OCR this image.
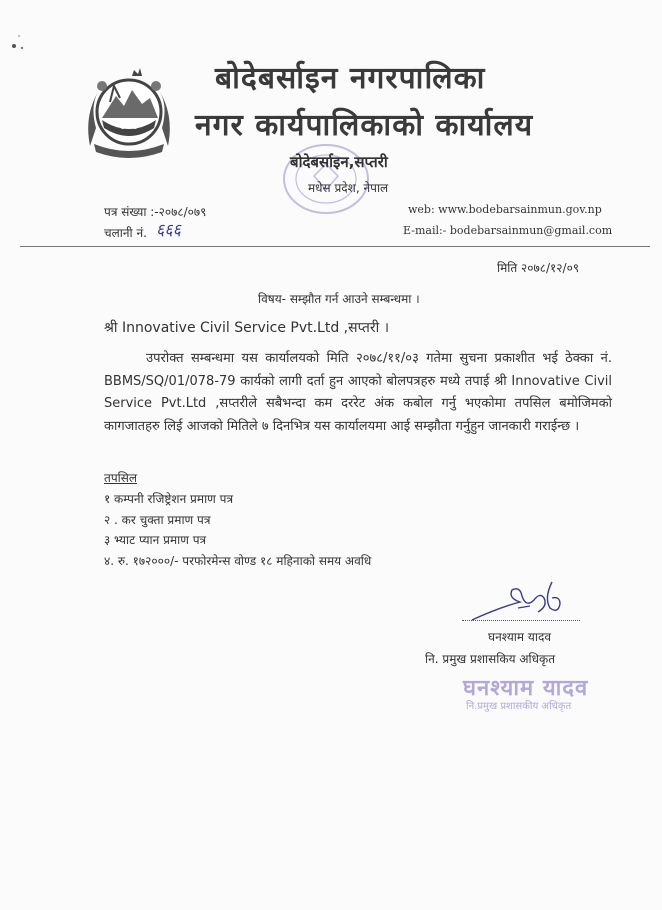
बोदेबर्साइन नगरपालिका
नगर कार्यपालिकाको कार्यालय
बोदेबर्साइन,सप्तरी
मधेस प्रदेश, नेपाल
पत्र संख्या :-२०७८/०७९
चलानी नं. ६६६
web: www.bodebarsainmun.gov.np
E-mail:- bodebarsainmun@gmail.com
मिति २०७८/१२/०९
विषय- सम्झौत गर्न आउने सम्बन्धमा ।
श्री Innovative Civil Service Pvt.Ltd ,सप्तरी ।

उपरोक्त सम्बन्धमा यस कार्यालयको मिति २०७८/११/०३ गतेमा सुचना प्रकाशीत भई ठेक्का नं. BBMS/SQ/01/078-79 कार्यको लागी दर्ता हुन आएको बोलपत्रहरु मध्ये तपाई श्री Innovative Civil Service Pvt.Ltd ,सप्तरीले सबैभन्दा कम दररेट अंक कबोल गर्नु भएकोमा तपसिल बमोजिमको कागजातहरु लिई आजको मितिले ७ दिनभित्र यस कार्यालयमा आई सम्झौता गर्नुहुन जानकारी गराईन्छ ।

तपसिल
१ कम्पनी रजिष्ट्रेशन प्रमाण पत्र
२ . कर चुक्ता प्रमाण पत्र
३ भ्याट प्यान प्रमाण पत्र
४. रु. १७२०००/- परफोरमेन्स वोण्ड १८ महिनाको समय अवधि
घनश्याम यादव
नि. प्रमुख प्रशासकिय अधिकृत
घनश्याम यादव
नि.प्रमुख प्रशासकीय अधिकृत
